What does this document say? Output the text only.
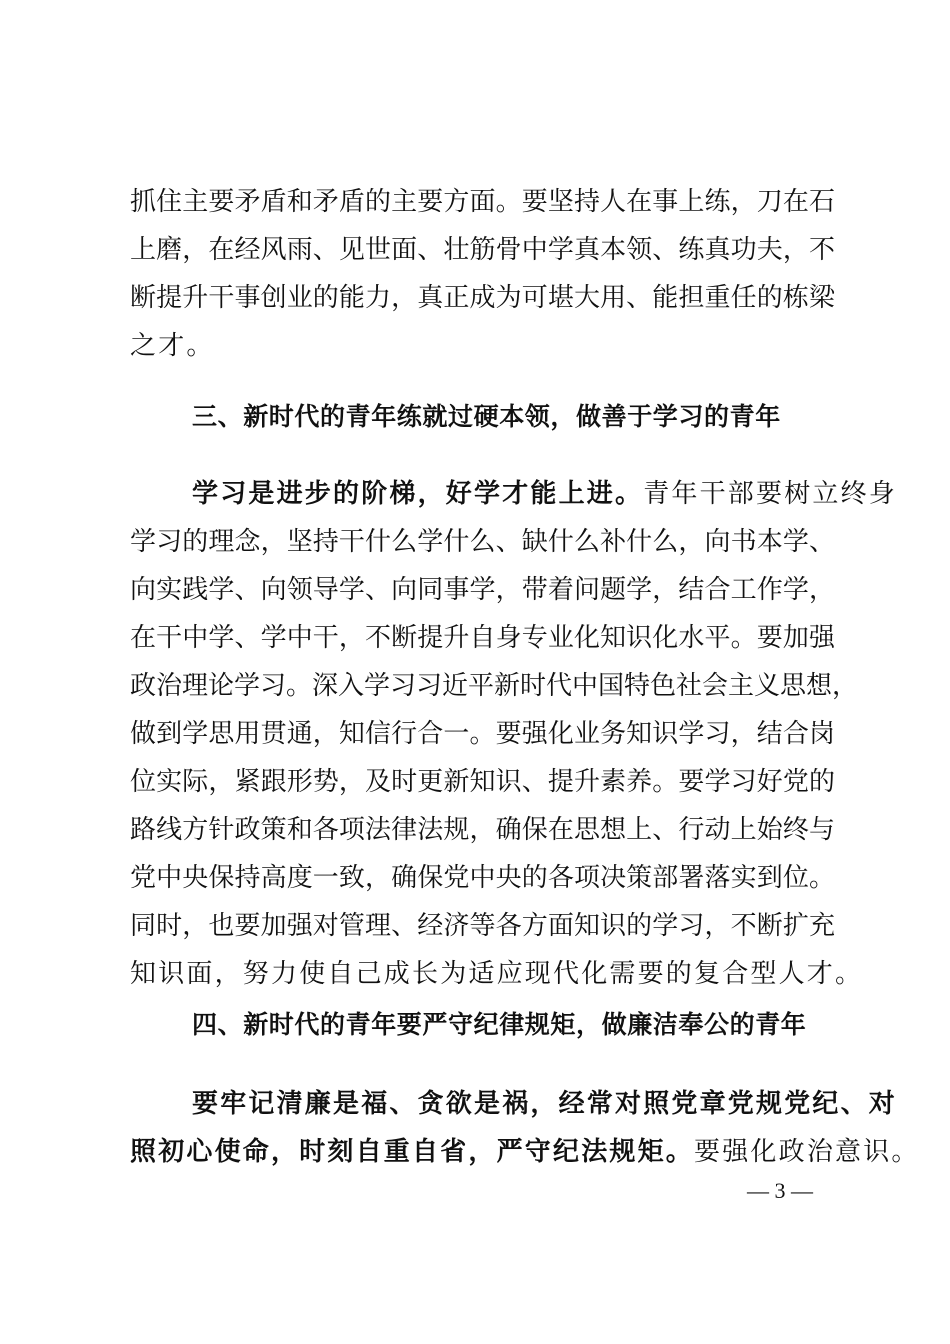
抓住主要矛盾和矛盾的主要方面。要坚持人在事上练，刀在石
上磨，在经风雨、见世面、壮筋骨中学真本领、练真功夫，不
断提升干事创业的能力，真正成为可堪大用、能担重任的栋梁
之才。
三、新时代的青年练就过硬本领，做善于学习的青年
学习是进步的阶梯，好学才能上进。青年干部要树立终身
学习的理念，坚持干什么学什么、缺什么补什么，向书本学、
向实践学、向领导学、向同事学，带着问题学，结合工作学，
在干中学、学中干，不断提升自身专业化知识化水平。要加强
政治理论学习。深入学习习近平新时代中国特色社会主义思想，
做到学思用贯通，知信行合一。要强化业务知识学习，结合岗
位实际，紧跟形势，及时更新知识、提升素养。要学习好党的
路线方针政策和各项法律法规，确保在思想上、行动上始终与
党中央保持高度一致，确保党中央的各项决策部署落实到位。
同时，也要加强对管理、经济等各方面知识的学习，不断扩充
知识面，努力使自己成长为适应现代化需要的复合型人才。
四、新时代的青年要严守纪律规矩，做廉洁奉公的青年
要牢记清廉是福、贪欲是祸，经常对照党章党规党纪、对
照初心使命，时刻自重自省，严守纪法规矩。要强化政治意识。
— 3 —
